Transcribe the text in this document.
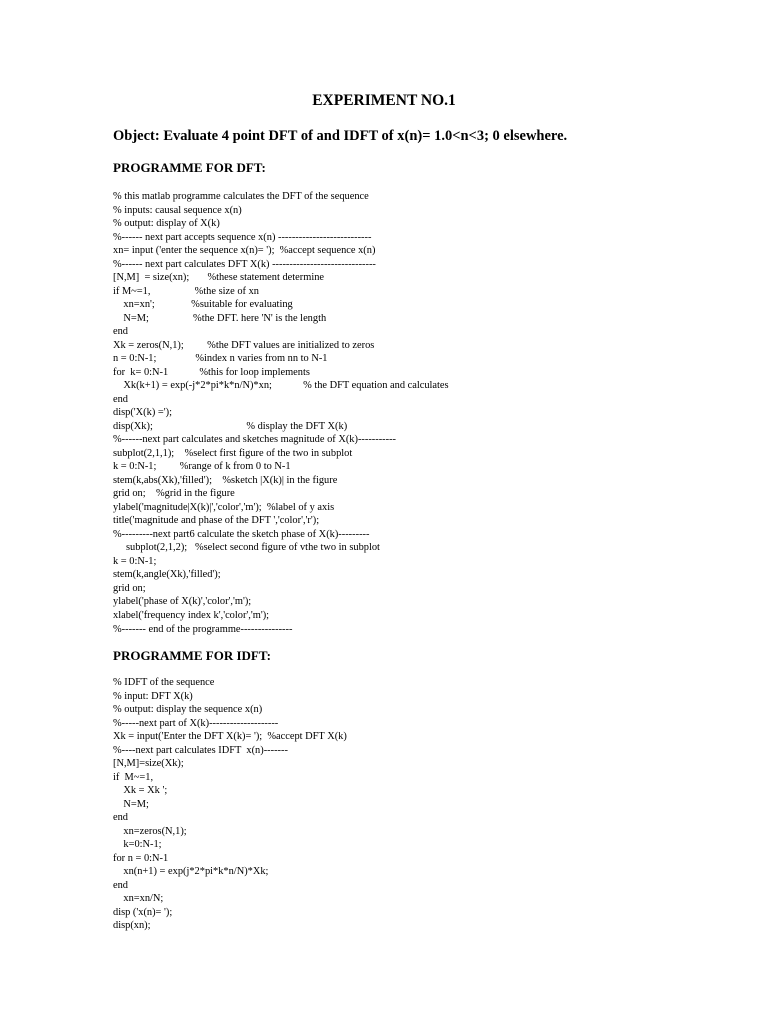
EXPERIMENT NO.1

Object: Evaluate 4 point DFT of and IDFT of x(n)= 1.0<n<3; 0 elsewhere.

PROGRAMME FOR DFT:
% this matlab programme calculates the DFT of the sequence
% inputs: causal sequence x(n)
% output: display of X(k)
%------ next part accepts sequence x(n) ---------------------------
xn= input ('enter the sequence x(n)= ');  %accept sequence x(n)
%------ next part calculates DFT X(k) ------------------------------
[N,M]  = size(xn);       %these statement determine
if M~=1,                 %the size of xn
xn=xn';              %suitable for evaluating
N=M;                 %the DFT. here 'N' is the length
end
Xk = zeros(N,1);         %the DFT values are initialized to zeros
n = 0:N-1;               %index n varies from nn to N-1
for  k= 0:N-1            %this for loop implements
Xk(k+1) = exp(-j*2*pi*k*n/N)*xn;            % the DFT equation and calculates
end
disp('X(k) =');
disp(Xk);                                    % display the DFT X(k)
%------next part calculates and sketches magnitude of X(k)-----------
subplot(2,1,1);    %select first figure of the two in subplot
k = 0:N-1;         %range of k from 0 to N-1
stem(k,abs(Xk),'filled');    %sketch |X(k)| in the figure
grid on;    %grid in the figure
ylabel('magnitude|X(k)|','color','m');  %label of y axis
title('magnitude and phase of the DFT ','color','r');
%---------next part6 calculate the sketch phase of X(k)---------
subplot(2,1,2);   %select second figure of vthe two in subplot
k = 0:N-1;
stem(k,angle(Xk),'filled');
grid on;
ylabel('phase of X(k)','color','m');
xlabel('frequency index k','color','m');
%------- end of the programme---------------
PROGRAMME FOR IDFT:
% IDFT of the sequence
% input: DFT X(k)
% output: display the sequence x(n)
%-----next part of X(k)--------------------
Xk = input('Enter the DFT X(k)= ');  %accept DFT X(k)
%----next part calculates IDFT  x(n)-------
[N,M]=size(Xk);
if  M~=1,
Xk = Xk ';
N=M;
end
xn=zeros(N,1);
k=0:N-1;
for n = 0:N-1
xn(n+1) = exp(j*2*pi*k*n/N)*Xk;
end
xn=xn/N;
disp ('x(n)= ');
disp(xn);
